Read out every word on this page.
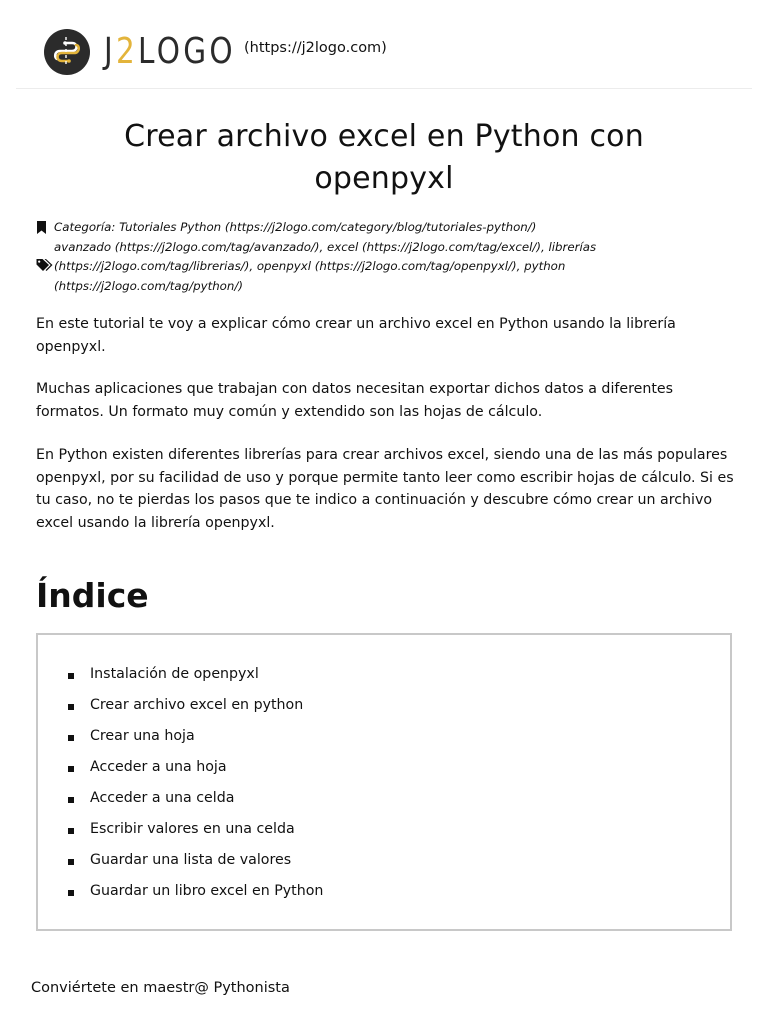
J2LOGO (https://j2logo.com)
Crear archivo excel en Python con openpyxl
Categoría: Tutoriales Python (https://j2logo.com/category/blog/tutoriales-python/)
avanzado (https://j2logo.com/tag/avanzado/), excel (https://j2logo.com/tag/excel/), librerías
(https://j2logo.com/tag/librerias/), openpyxl (https://j2logo.com/tag/openpyxl/), python
(https://j2logo.com/tag/python/)

En este tutorial te voy a explicar cómo crear un archivo excel en Python usando la librería openpyxl.

Muchas aplicaciones que trabajan con datos necesitan exportar dichos datos a diferentes formatos. Un formato muy común y extendido son las hojas de cálculo.

En Python existen diferentes librerías para crear archivos excel, siendo una de las más populares openpyxl, por su facilidad de uso y porque permite tanto leer como escribir hojas de cálculo. Si es tu caso, no te pierdas los pasos que te indico a continuación y descubre cómo crear un archivo excel usando la librería openpyxl.

Índice
Instalación de openpyxl
Crear archivo excel en python
Crear una hoja
Acceder a una hoja
Acceder a una celda
Escribir valores en una celda
Guardar una lista de valores
Guardar un libro excel en Python
Conviértete en maestr@ Pythonista
